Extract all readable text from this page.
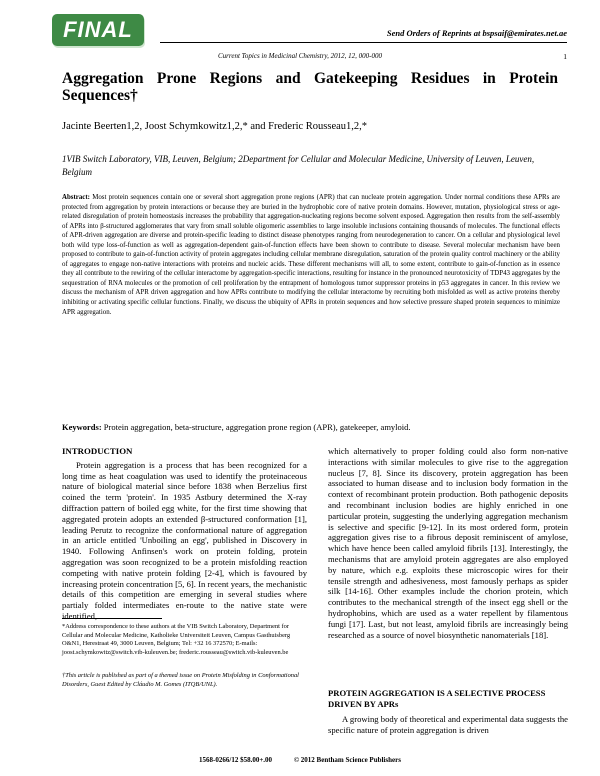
FINAL	Send Orders of Reprints at bspsaif@emirates.net.ae
Current Topics in Medicinal Chemistry, 2012, 12, 000-000	1
Aggregation Prone Regions and Gatekeeping Residues in Protein Sequences†
Jacinte Beerten1,2, Joost Schymkowitz1,2,* and Frederic Rousseau1,2,*
1VIB Switch Laboratory, VIB, Leuven, Belgium; 2Department for Cellular and Molecular Medicine, University of Leuven, Leuven, Belgium
Abstract: Most protein sequences contain one or several short aggregation prone regions (APR) that can nucleate protein aggregation. Under normal conditions these APRs are protected from aggregation by protein interactions or because they are buried in the hydrophobic core of native protein domains. However, mutation, physiological stress or age-related disregulation of protein homeostasis increases the probability that aggregation-nucleating regions become solvent exposed. Aggregation then results from the self-assembly of APRs into β-structured agglomerates that vary from small soluble oligomeric assemblies to large insoluble inclusions containing thousands of molecules. The functional effects of APR-driven aggregation are diverse and protein-specific leading to distinct disease phenotypes ranging from neurodegeneration to cancer. On a cellular and physiological level both wild type loss-of-function as well as aggregation-dependent gain-of-function effects have been shown to contribute to disease. Several molecular mechanism have been proposed to contribute to gain-of-function activity of protein aggregates including cellular membrane disregulation, saturation of the protein quality control machinery or the ability of aggregates to engage non-native interactions with proteins and nucleic acids. These different mechanisms will all, to some extent, contribute to gain-of-function as in essence they all contribute to the rewiring of the cellular interactome by aggregation-specific interactions, resulting for instance in the pronounced neurotoxicity of TDP43 aggregates by the sequestration of RNA molecules or the promotion of cell proliferation by the entrapment of homologous tumor suppressor proteins in p53 aggregates in cancer. In this review we discuss the mechanism of APR driven aggregation and how APRs contribute to modifying the cellular interactome by recruiting both misfolded as well as active proteins thereby inhibiting or activating specific cellular functions. Finally, we discuss the ubiquity of APRs in protein sequences and how selective pressure shaped protein sequences to minimize APR aggregation.
Keywords: Protein aggregation, beta-structure, aggregation prone region (APR), gatekeeper, amyloid.
INTRODUCTION

Protein aggregation is a process that has been recognized for a long time as heat coagulation was used to identify the proteinaceous nature of biological material since before 1838 when Berzelius first coined the term 'protein'. In 1935 Astbury determined the X-ray diffraction pattern of boiled egg white, for the first time showing that aggregated protein adopts an extended β-structured conformation [1], leading Perutz to recognize the conformational nature of aggregation in an article entitled 'Unboiling an egg', published in Discovery in 1940. Following Anfinsen's work on protein folding, protein aggregation was soon recognized to be a protein misfolding reaction competing with native protein folding [2-4], which is favoured by increasing protein concentration [5, 6]. In recent years, the mechanistic details of this competition are emerging in several studies where partialy folded intermediates en-route to the native state were identified,

which alternatively to proper folding could also form non-native interactions with similar molecules to give rise to the aggregation nucleus [7, 8]. Since its discovery, protein aggregation has been associated to human disease and to inclusion body formation in the context of recombinant protein production. Both pathogenic deposits and recombinant inclusion bodies are highly enriched in one particular protein, suggesting the underlying aggregation mechanism is selective and specific [9-12]. In its most ordered form, protein aggregation gives rise to a fibrous deposit reminiscent of amylose, which have hence been called amyloid fibrils [13]. Interestingly, the mechanisms that are amyloid protein aggregates are also employed by nature, which e.g. exploits these microscopic wires for their tensile strength and adhesiveness, most famously perhaps as spider silk [14-16]. Other examples include the chorion protein, which contributes to the mechanical strength of the insect egg shell or the hydrophobins, which are used as a water repellent by filamentous fungi [17]. Last, but not least, amyloid fibrils are increasingly being researched as a source of novel biosynthetic nanomaterials [18].

PROTEIN AGGREGATION IS A SELECTIVE PROCESS DRIVEN BY APRs
A growing body of theoretical and experimental data suggests the specific nature of protein aggregation is driven
*Address correspondence to these authors at the VIB Switch Laboratory, Department for Cellular and Molecular Medicine, Katholieke Universiteit Leuven, Campus Gasthuisberg O&N1, Herestraat 49, 3000 Leuven, Belgium; Tel: +32 16 372570; E-mails: joost.schymkowitz@switch.vib-kuleuven.be; frederic.rousseau@switch.vib-kuleuven.be
†This article is published as part of a themed issue on Protein Misfolding in Conformational Disorders, Guest Edited by Cláudio M. Gomes (ITQB/UNL).
1568-0266/12 $58.00+.00	© 2012 Bentham Science Publishers
